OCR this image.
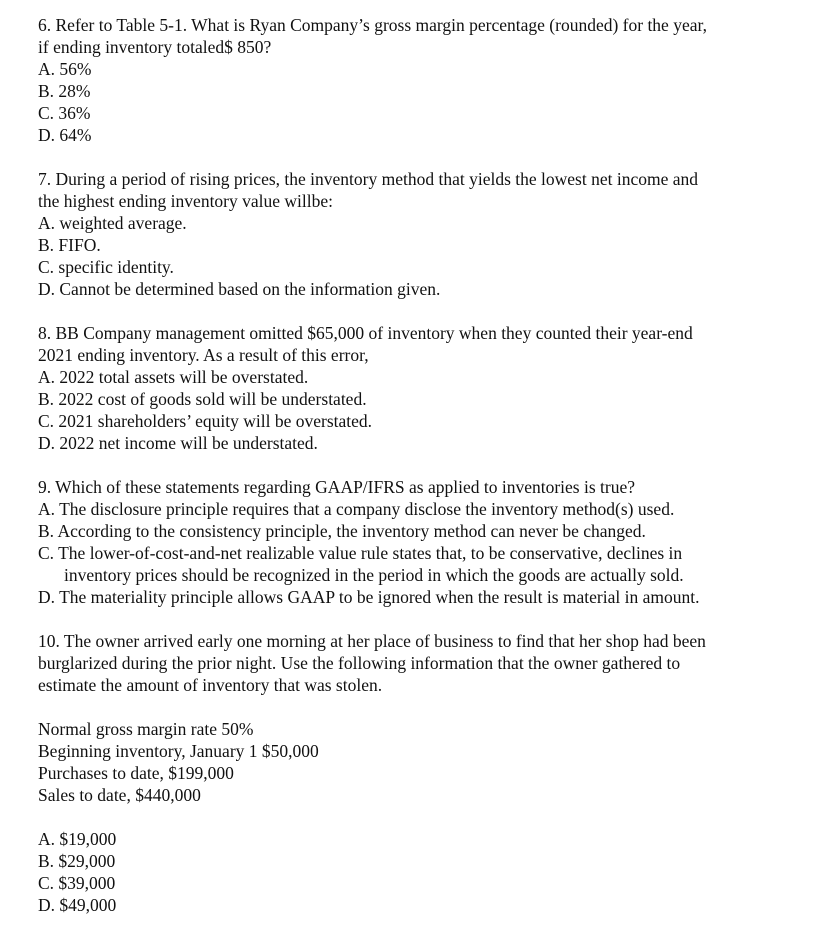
6. Refer to Table 5-1. What is Ryan Company’s gross margin percentage (rounded) for the year,
if ending inventory totaled$ 850?
A. 56%
B. 28%
C. 36%
D. 64%
7. During a period of rising prices, the inventory method that yields the lowest net income and
the highest ending inventory value willbe:
A. weighted average.
B. FIFO.
C. specific identity.
D. Cannot be determined based on the information given.
8. BB Company management omitted $65,000 of inventory when they counted their year-end
2021 ending inventory. As a result of this error,
A. 2022 total assets will be overstated.
B. 2022 cost of goods sold will be understated.
C. 2021 shareholders’ equity will be overstated.
D. 2022 net income will be understated.
9. Which of these statements regarding GAAP/IFRS as applied to inventories is true?
A. The disclosure principle requires that a company disclose the inventory method(s) used.
B. According to the consistency principle, the inventory method can never be changed.
C. The lower-of-cost-and-net realizable value rule states that, to be conservative, declines in
inventory prices should be recognized in the period in which the goods are actually sold.
D. The materiality principle allows GAAP to be ignored when the result is material in amount.
10. The owner arrived early one morning at her place of business to find that her shop had been
burglarized during the prior night. Use the following information that the owner gathered to
estimate the amount of inventory that was stolen.
Normal gross margin rate 50%
Beginning inventory, January 1 $50,000
Purchases to date, $199,000
Sales to date, $440,000
A. $19,000
B. $29,000
C. $39,000
D. $49,000
